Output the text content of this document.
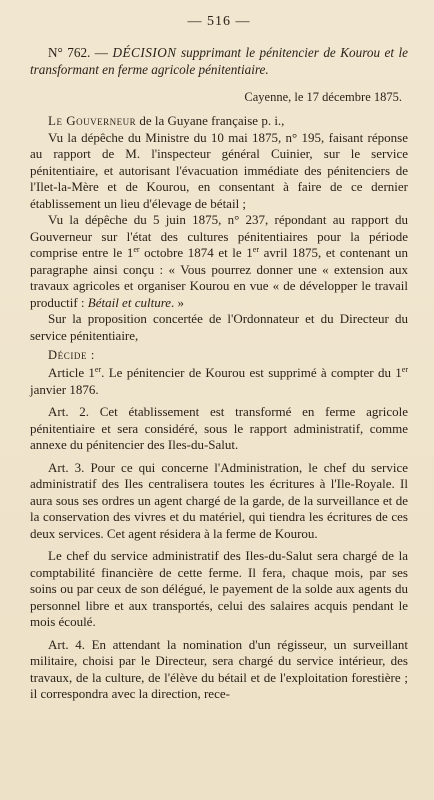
— 516 —

N° 762. — DÉCISION supprimant le pénitencier de Kourou et le transformant en ferme agricole pénitentiaire.

Cayenne, le 17 décembre 1875.

Le Gouverneur de la Guyane française p. i.,

Vu la dépêche du Ministre du 10 mai 1875, n° 195, faisant réponse au rapport de M. l'inspecteur général Cuinier, sur le service pénitentiaire, et autorisant l'évacuation immédiate des pénitenciers de l'Ilet-la-Mère et de Kourou, en consentant à faire de ce dernier établissement un lieu d'élevage de bétail ;

Vu la dépêche du 5 juin 1875, n° 237, répondant au rapport du Gouverneur sur l'état des cultures pénitentiaires pour la période comprise entre le 1er octobre 1874 et le 1er avril 1875, et contenant un paragraphe ainsi conçu : « Vous pourrez donner une « extension aux travaux agricoles et organiser Kourou en vue « de développer le travail productif : Bétail et culture. »

Sur la proposition concertée de l'Ordonnateur et du Directeur du service pénitentiaire,

Décide :

Article 1er. Le pénitencier de Kourou est supprimé à compter du 1er janvier 1876.

Art. 2. Cet établissement est transformé en ferme agricole pénitentiaire et sera considéré, sous le rapport administratif, comme annexe du pénitencier des Iles-du-Salut.

Art. 3. Pour ce qui concerne l'Administration, le chef du service administratif des Iles centralisera toutes les écritures à l'Ile-Royale. Il aura sous ses ordres un agent chargé de la garde, de la surveillance et de la conservation des vivres et du matériel, qui tiendra les écritures de ces deux services. Cet agent résidera à la ferme de Kourou.

Le chef du service administratif des Iles-du-Salut sera chargé de la comptabilité financière de cette ferme. Il fera, chaque mois, par ses soins ou par ceux de son délégué, le payement de la solde aux agents du personnel libre et aux transportés, celui des salaires acquis pendant le mois écoulé.

Art. 4. En attendant la nomination d'un régisseur, un surveillant militaire, choisi par le Directeur, sera chargé du service intérieur, des travaux, de la culture, de l'élève du bétail et de l'exploitation forestière ; il correspondra avec la direction, rece-
